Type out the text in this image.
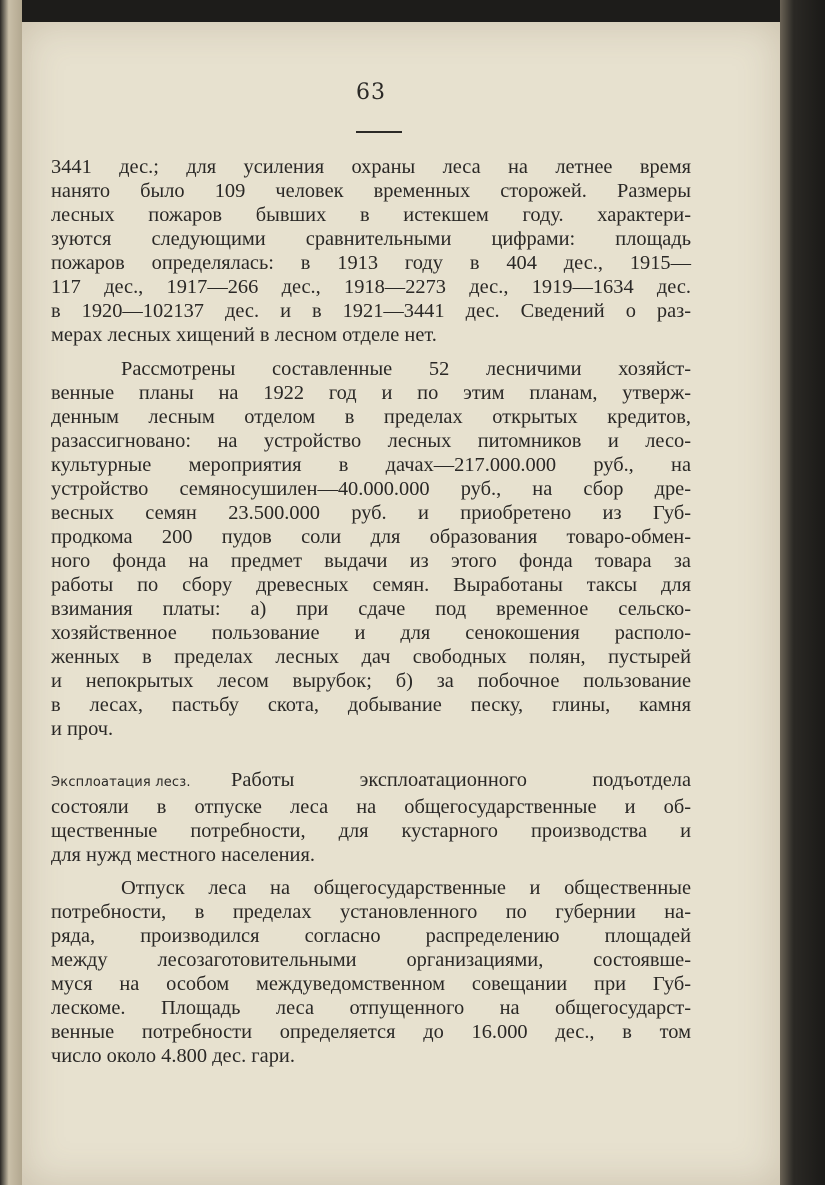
63
3441 дес.; для усиления охраны леса на летнее время
нанято было 109 человек временных сторожей. Размеры
лесных пожаров бывших в истекшем году. характери-
зуются следующими сравнительными цифрами: площадь
пожаров определялась: в 1913 году в 404 дес., 1915—
117 дес., 1917—266 дес., 1918—2273 дес., 1919—1634 дес.
в 1920—102137 дес. и в 1921—3441 дес. Сведений о раз-
мерах лесных хищений в лесном отделе нет.
Рассмотрены составленные 52 лесничими хозяйст-
венные планы на 1922 год и по этим планам, утверж-
денным лесным отделом в пределах открытых кредитов,
разассигновано: на устройство лесных питомников и лесо-
культурные мероприятия в дачах—217.000.000 руб., на
устройство семяносушилен—40.000.000 руб., на сбор дре-
весных семян 23.500.000 руб. и приобретено из Губ-
продкома 200 пудов соли для образования товаро-обмен-
ного фонда на предмет выдачи из этого фонда товара за
работы по сбору древесных семян. Выработаны таксы для
взимания платы: а) при сдаче под временное сельско-
хозяйственное пользование и для сенокошения располо-
женных в пределах лесных дач свободных полян, пустырей
и непокрытых лесом вырубок; б) за побочное пользование
в лесах, пастьбу скота, добывание песку, глины, камня
и проч.
Эксплоатация лесз.	Работы эксплоатационного подъотдела
состояли в отпуске леса на общегосударственные и об-
щественные потребности, для кустарного производства и
для нужд местного населения.
Отпуск леса на общегосударственные и общественные
потребности, в пределах установленного по губернии на-
ряда, производился согласно распределению площадей
между лесозаготовительными организациями, состоявше-
муся на особом междуведомственном совещании при Губ-
лескоме. Площадь леса отпущенного на общегосударст-
венные потребности определяется до 16.000 дес., в том
число около 4.800 дес. гари.
